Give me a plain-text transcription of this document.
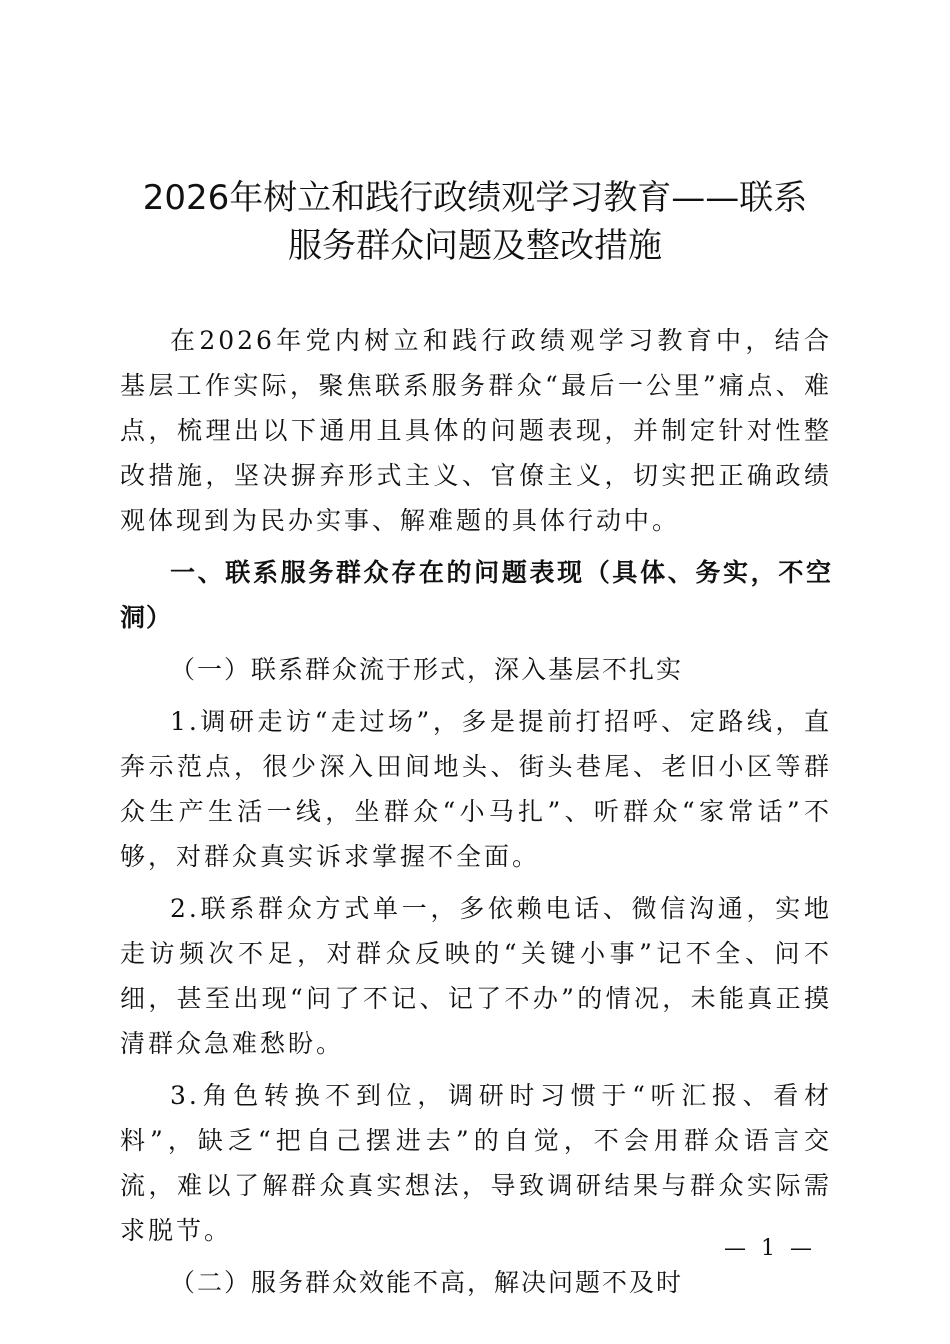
2026年树立和践行政绩观学习教育——联系
服务群众问题及整改措施

在2026年党内树立和践行政绩观学习教育中，结合基层工作实际，聚焦联系服务群众“最后一公里”痛点、难点，梳理出以下通用且具体的问题表现，并制定针对性整改措施，坚决摒弃形式主义、官僚主义，切实把正确政绩观体现到为民办实事、解难题的具体行动中。

一、联系服务群众存在的问题表现（具体、务实，不空洞）

（一）联系群众流于形式，深入基层不扎实

1.调研走访“走过场”，多是提前打招呼、定路线，直奔示范点，很少深入田间地头、街头巷尾、老旧小区等群众生产生活一线，坐群众“小马扎”、听群众“家常话”不够，对群众真实诉求掌握不全面。

2.联系群众方式单一，多依赖电话、微信沟通，实地走访频次不足，对群众反映的“关键小事”记不全、问不细，甚至出现“问了不记、记了不办”的情况，未能真正摸清群众急难愁盼。

3.角色转换不到位，调研时习惯于“听汇报、看材料”，缺乏“把自己摆进去”的自觉，不会用群众语言交流，难以了解群众真实想法，导致调研结果与群众实际需求脱节。

（二）服务群众效能不高，解决问题不及时

— 1 —
